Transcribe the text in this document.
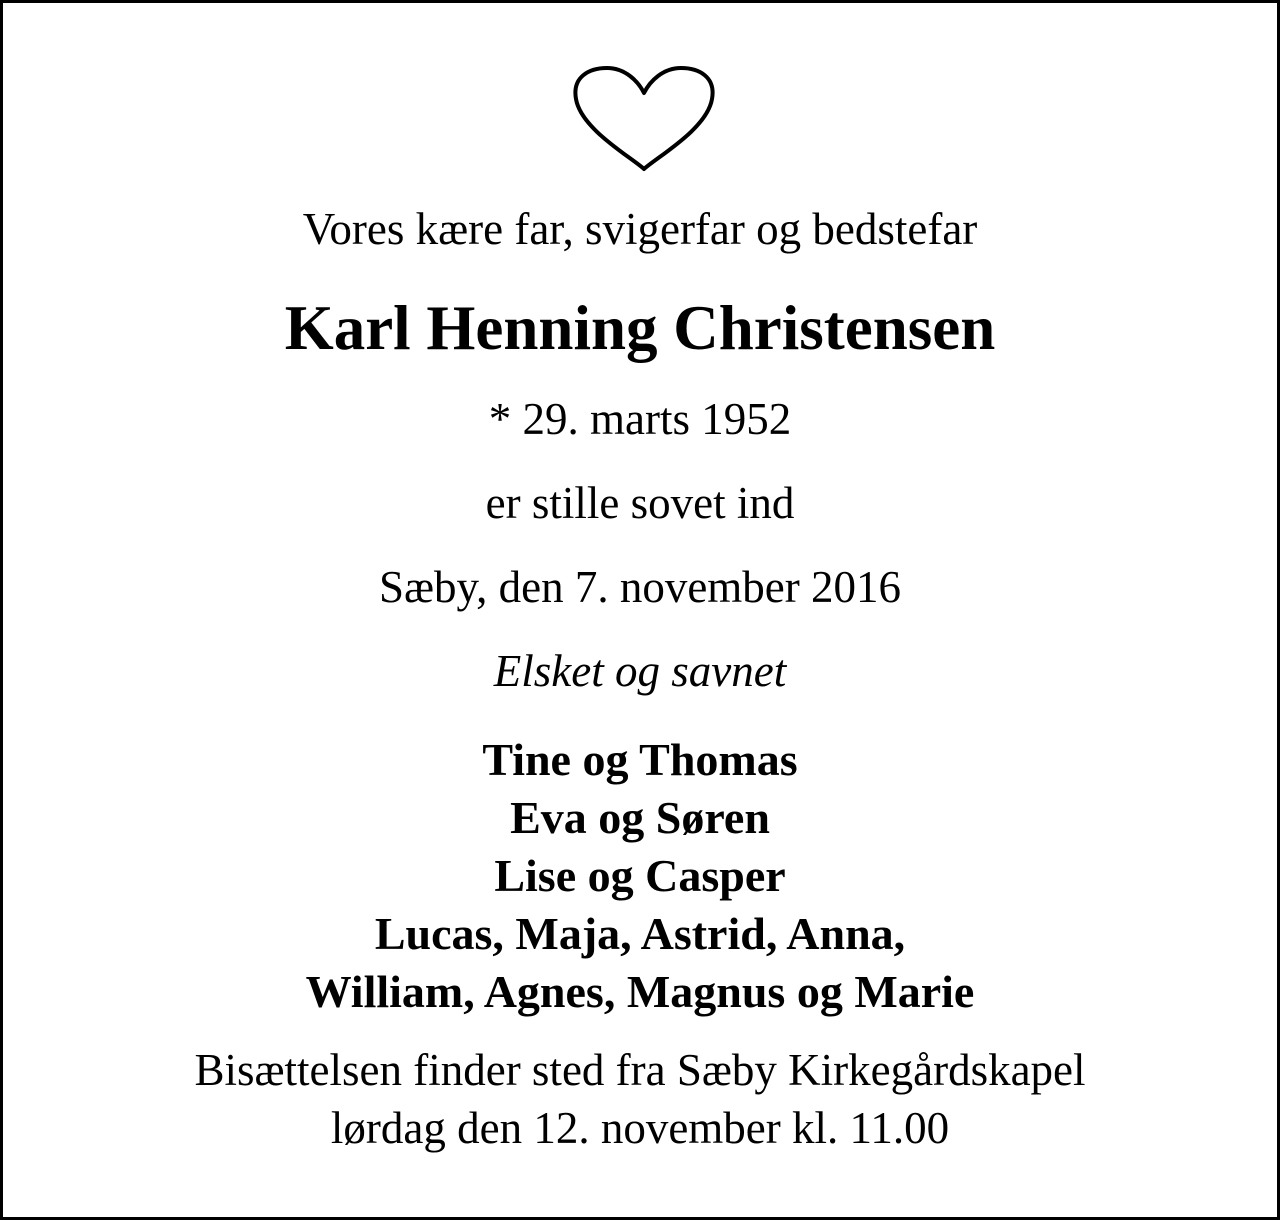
Vores kære far, svigerfar og bedstefar
Karl Henning Christensen
* 29. marts 1952
er stille sovet ind
Sæby, den 7. november 2016
Elsket og savnet
Tine og Thomas
Eva og Søren
Lise og Casper
Lucas, Maja, Astrid, Anna,
William, Agnes, Magnus og Marie
Bisættelsen finder sted fra Sæby Kirkegårdskapel
lørdag den 12. november kl. 11.00
